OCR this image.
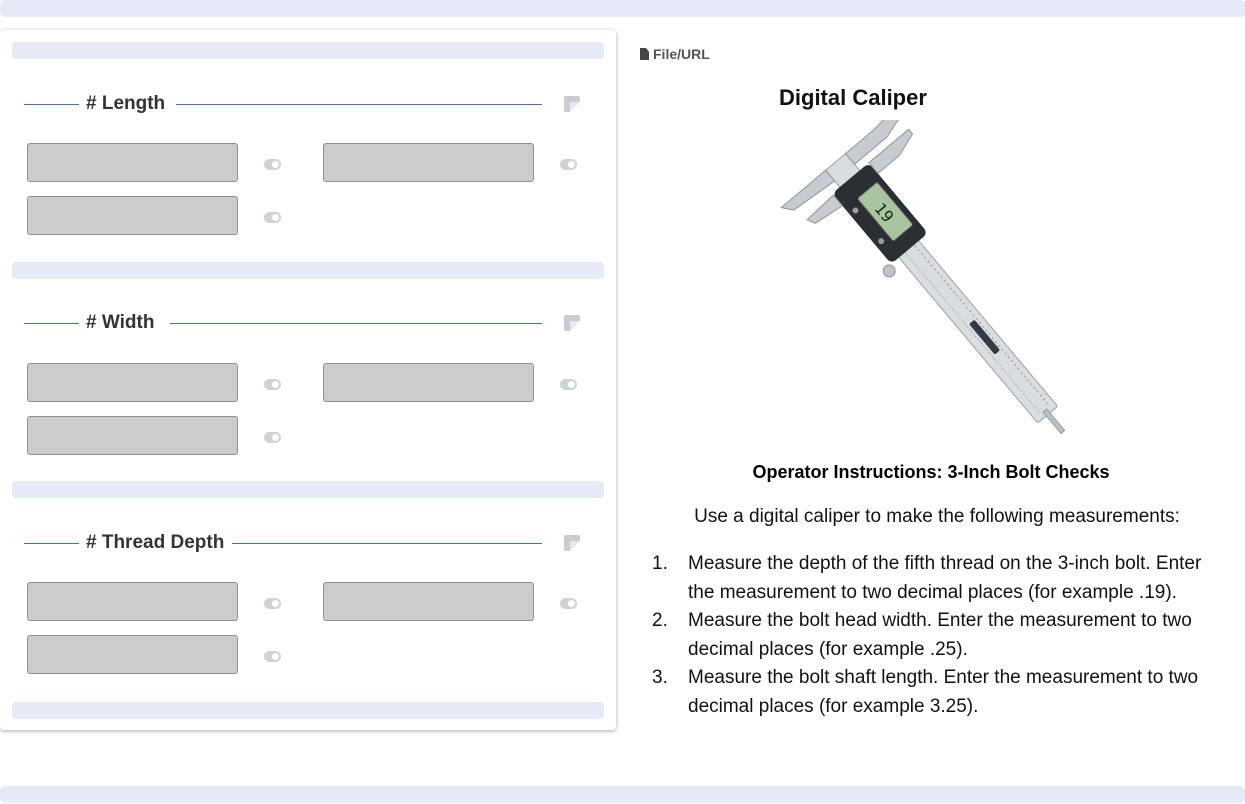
# Length
# Width
# Thread Depth
File/URL
Digital Caliper
19
Operator Instructions: 3-Inch Bolt Checks
Use a digital caliper to make the following measurements:
1. Measure the depth of the fifth thread on the 3-inch bolt. Enter the measurement to two decimal places (for example .19).
2. Measure the bolt head width. Enter the measurement to two decimal places (for example .25).
3. Measure the bolt shaft length. Enter the measurement to two decimal places (for example 3.25).
